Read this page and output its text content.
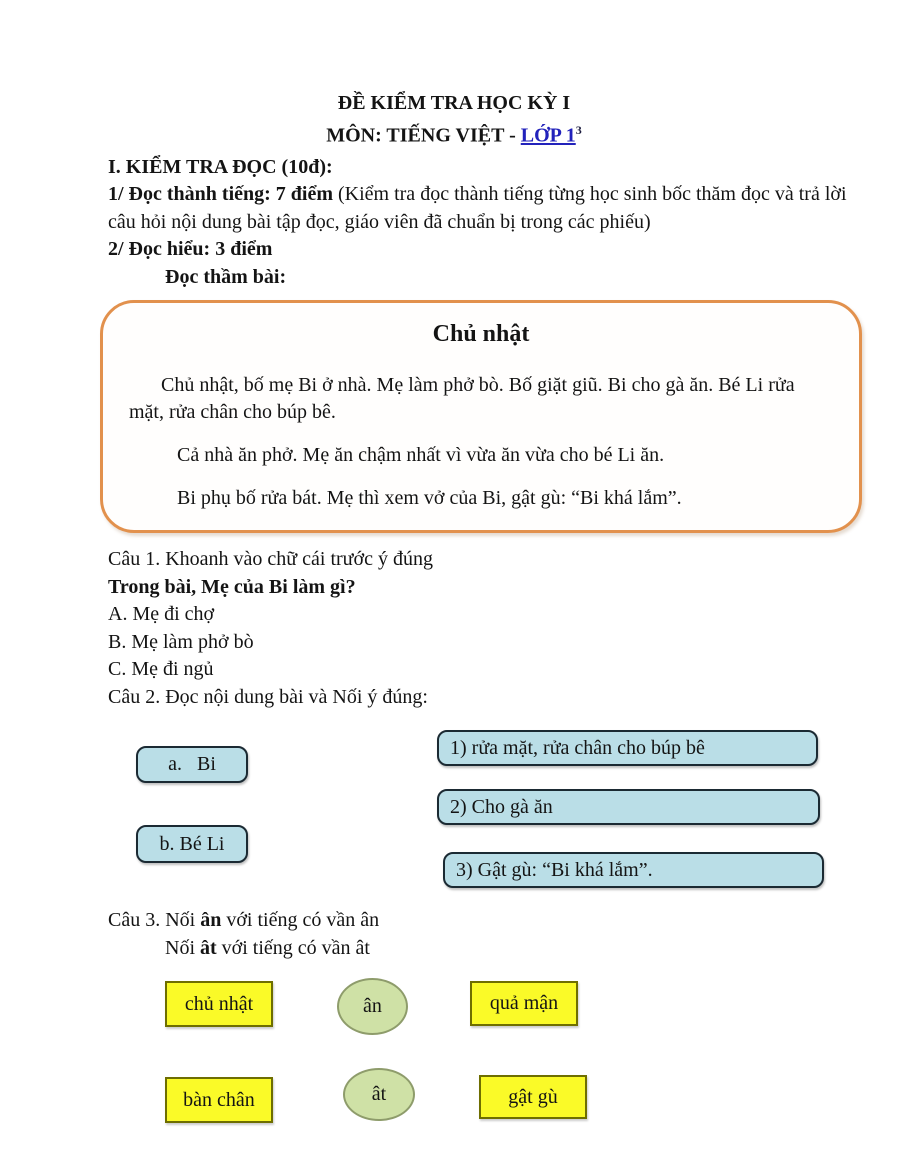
ĐỀ KIỂM TRA HỌC KỲ I
MÔN: TIẾNG VIỆT - LỚP $1^3$
I. KIỂM TRA ĐỌC (10đ):
1/ Đọc thành tiếng: 7 điểm (Kiểm tra đọc thành tiếng từng học sinh bốc thăm đọc và trả lời câu hỏi nội dung bài tập đọc, giáo viên đã chuẩn bị trong các phiếu)
2/ Đọc hiểu: 3 điểm
Đọc thầm bài:
Chủ nhật

Chủ nhật, bố mẹ Bi ở nhà. Mẹ làm phở bò. Bố giặt giũ. Bi cho gà ăn. Bé Li rửa mặt, rửa chân cho búp bê.

Cả nhà ăn phở. Mẹ ăn chậm nhất vì vừa ăn vừa cho bé Li ăn.

Bi phụ bố rửa bát. Mẹ thì xem vở của Bi, gật gù: “Bi khá lắm”.

Câu 1. Khoanh vào chữ cái trước ý đúng
Trong bài, Mẹ của Bi làm gì?
A. Mẹ đi chợ
B. Mẹ làm phở bò
C. Mẹ đi ngủ
Câu 2. Đọc nội dung bài và Nối ý đúng:
a.   Bi
b. Bé Li
1) rửa mặt, rửa chân cho búp bê
2) Cho gà ăn
3) Gật gù: “Bi khá lắm”.
Câu 3. Nối ân với tiếng có vần ân
Nối ât với tiếng có vần ât
chủ nhật
bàn chân
ân
ât
quả mận
gật gù
